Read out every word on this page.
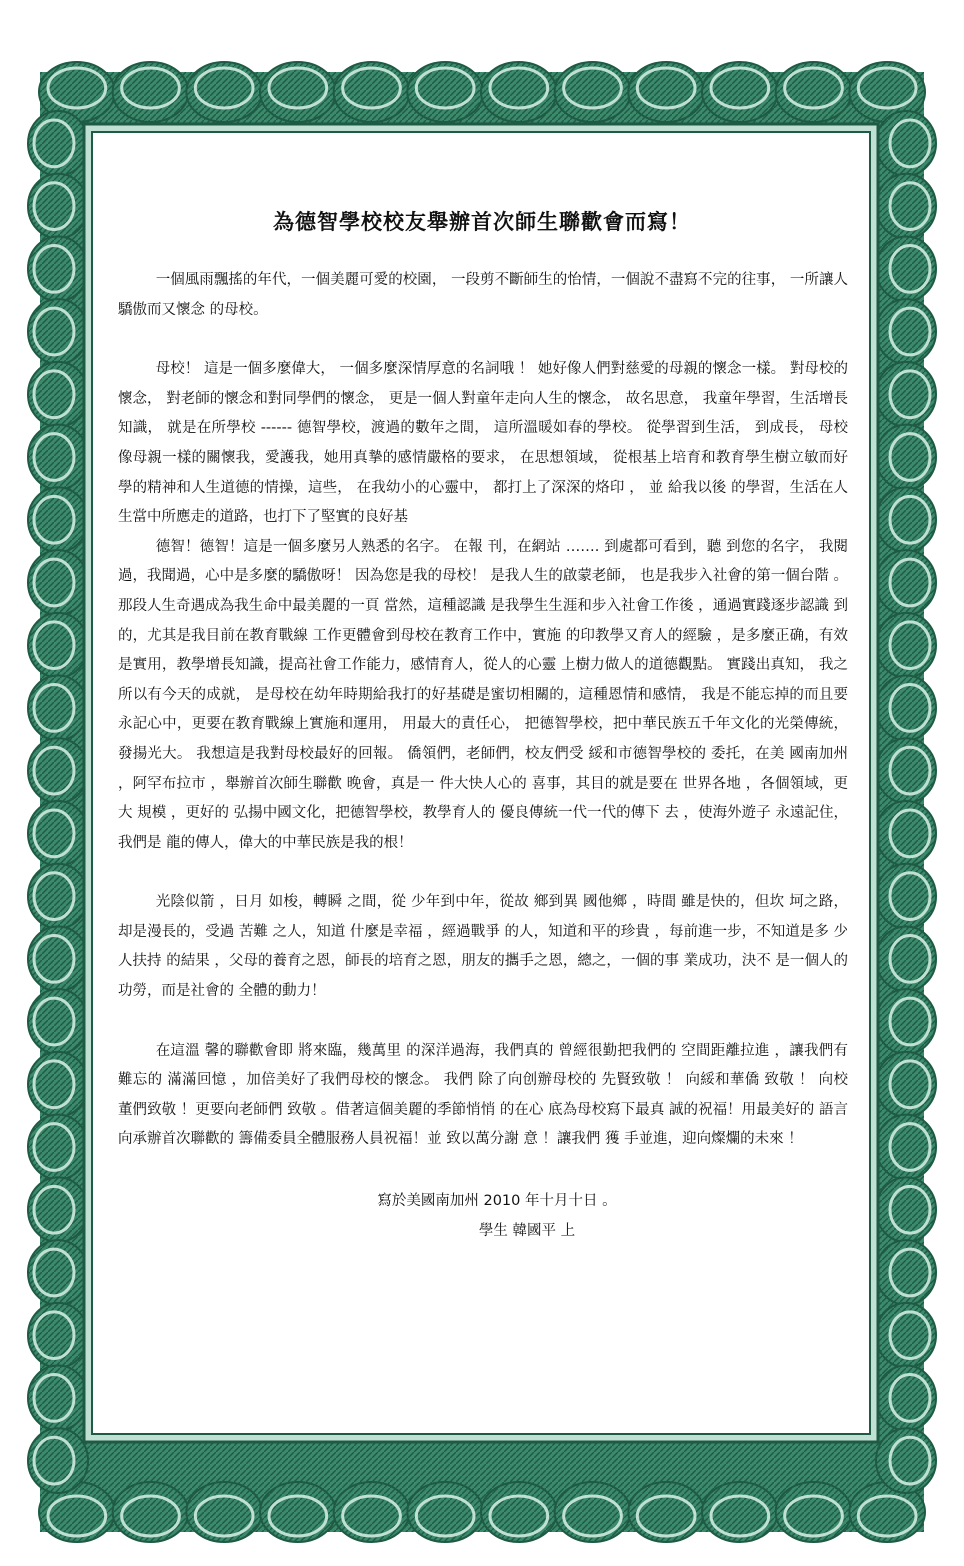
為德智學校校友舉辦首次師生聯歡會而寫！

一個風雨飄搖的年代，一個美麗可愛的校園， 一段剪不斷師生的怡情，一個說不盡寫不完的往事， 一所讓人驕傲而又懷念 的母校。

母校！ 這是一個多麼偉大， 一個多麼深情厚意的名詞哦 ！ 她好像人們對慈愛的母親的懷念一樣。 對母校的懷念， 對老師的懷念和對同學們的懷念， 更是一個人對童年走向人生的懷念， 故名思意， 我童年學習，生活增長知識， 就是在所學校 ------ 德智學校，渡過的數年之間， 這所溫暖如春的學校。 從學習到生活， 到成長， 母校像母親一樣的關懷我，愛護我，她用真摯的感情嚴格的要求， 在思想領域， 從根基上培育和教育學生樹立敏而好學的精神和人生道德的情操，這些， 在我幼小的心靈中， 都打上了深深的烙印 ， 並 給我以後 的學習，生活在人生當中所應走的道路，也打下了堅實的良好基

德智！德智！這是一個多麼另人熟悉的名字。 在報 刊，在網站 ……. 到處都可看到，聽 到您的名字， 我閱過，我聞過，心中是多麼的驕傲呀！ 因為您是我的母校！ 是我人生的啟蒙老師， 也是我步入社會的第一個台階 。 那段人生奇遇成為我生命中最美麗的一頁 當然，這種認識 是我學生生涯和步入社會工作後 ，通過實踐逐步認識 到的，尤其是我目前在教育戰線 工作更體會到母校在教育工作中，實施 的印教學又育人的經驗 ，是多麼正确，有效是實用，教學增長知識，提高社會工作能力，感情育人，從人的心靈 上樹力做人的道德觀點。 實踐出真知， 我之所以有今天的成就， 是母校在幼年時期給我打的好基礎是蜜切相關的，這種恩情和感情， 我是不能忘掉的而且要永記心中，更要在教育戰線上實施和運用， 用最大的責任心， 把德智學校，把中華民族五千年文化的光榮傳統，發揚光大。 我想這是我對母校最好的回報。 僑領們，老師們，校友們受 綏和市德智學校的 委托，在美 國南加州 ，阿罕布拉市 ，舉辦首次師生聯歡 晚會，真是一 件大快人心的 喜事，其目的就是要在 世界各地 ，各個領域，更大 規模 ，更好的 弘揚中國文化，把德智學校，教學育人的 優良傳統一代一代的傳下 去 ，使海外遊子 永遠記住，我們是 龍的傳人，偉大的中華民族是我的根！

光陰似箭 ，日月 如梭，轉瞬 之間，從 少年到中年，從故 鄉到異 國他鄉 ，時間 雖是快的，但坎 坷之路，却是漫長的，受過 苦難 之人，知道 什麼是幸福 ，經過戰爭 的人，知道和平的珍貴 ，每前進一步，不知道是多 少人扶持 的結果 ，父母的養育之恩，師長的培育之恩，朋友的攜手之恩，總之，一個的事 業成功，決不 是一個人的 功勞，而是社會的 全體的動力！

在這溫 馨的聯歡會即 將來臨，幾萬里 的深洋過海，我們真的 曾經很勤把我們的 空間距離拉進 ，讓我們有 難忘的 滿滿回憶 ，加倍美好了我們母校的懷念。 我們 除了向创辦母校的 先賢致敬 ！ 向綏和華僑 致敬 ！ 向校 董們致敬 ！更要向老師們 致敬 。借著這個美麗的季節悄悄 的在心 底為母校寫下最真 誠的祝福！用最美好的 語言向承辦首次聯歡的 籌備委員全體服務人員祝福！並 致以萬分謝 意 ！讓我們 獲 手並進，迎向燦爛的未來 ！

寫於美國南加州 2010 年十月十日 。

學生 韓國平 上
